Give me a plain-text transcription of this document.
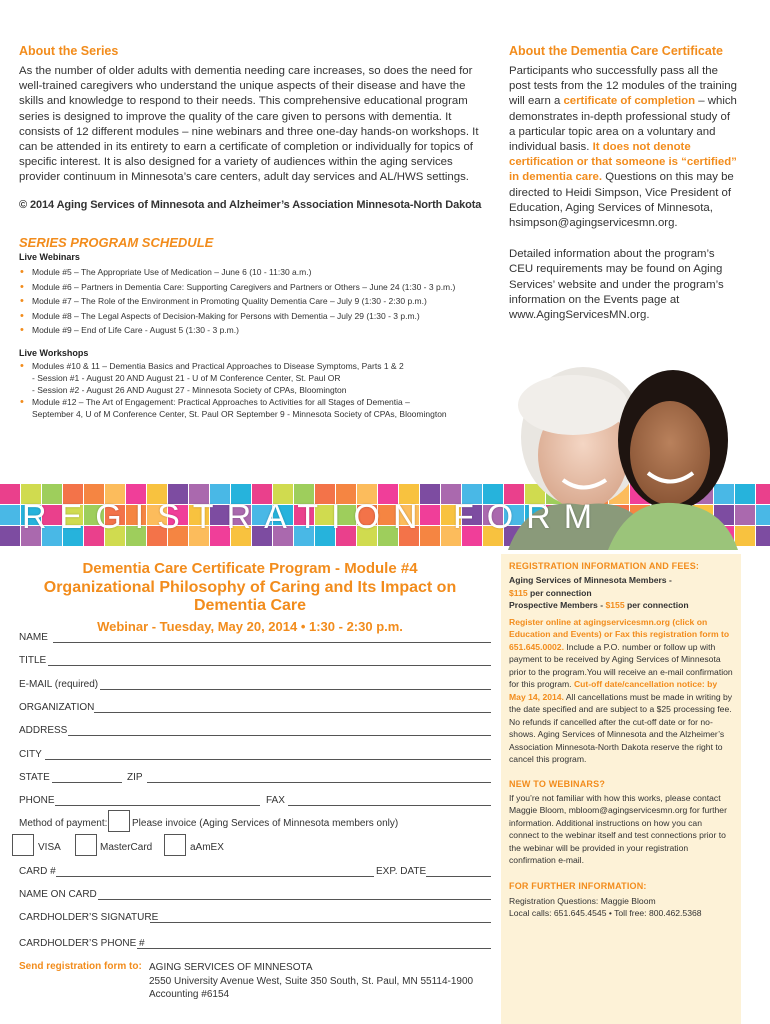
About the Series

As the number of older adults with dementia needing care increases, so does the need for well-trained caregivers who understand the unique aspects of their disease and have the skills and knowledge to respond to their needs. This comprehensive educational program series is designed to improve the quality of the care given to persons with dementia. It consists of 12 different modules – nine webinars and three one-day hands-on workshops. It can be attended in its entirety to earn a certificate of completion or individually for topics of specific interest. It is also designed for a variety of audiences within the aging services provider continuum in Minnesota’s care centers, adult day services and AL/HWS settings.

© 2014 Aging Services of Minnesota and Alzheimer’s Association Minnesota-North Dakota

SERIES PROGRAM SCHEDULE
Live Webinars
• Module #5 – The Appropriate Use of Medication – June 6 (10 - 11:30 a.m.)
• Module #6 – Partners in Dementia Care: Supporting Caregivers and Partners or Others – June 24 (1:30 - 3 p.m.)
• Module #7 – The Role of the Environment in Promoting Quality Dementia Care – July 9 (1:30 - 2:30 p.m.)
• Module #8 – The Legal Aspects of Decision-Making for Persons with Dementia – July 29 (1:30 - 3 p.m.)
• Module #9 – End of Life Care - August 5 (1:30 - 3 p.m.)
Live Workshops
• Modules #10 & 11 – Dementia Basics and Practical Approaches to Disease Symptoms, Parts 1 & 2
- Session #1 - August 20 AND August 21 - U of M Conference Center, St. Paul OR
- Session #2 - August 26 AND August 27 - Minnesota Society of CPAs, Bloomington
• Module #12 – The Art of Engagement: Practical Approaches to Activities for all Stages of Dementia –
September 4, U of M Conference Center, St. Paul OR September 9 - Minnesota Society of CPAs, Bloomington
About the Dementia Care Certificate

Participants who successfully pass all the post tests from the 12 modules of the training will earn a certificate of completion – which demonstrates in-depth professional study of a particular topic area on a voluntary and individual basis. It does not denote certification or that someone is “certified” in dementia care. Questions on this may be directed to Heidi Simpson, Vice President of Education, Aging Services of Minnesota, hsimpson@agingservicesmn.org.

Detailed information about the program’s CEU requirements may be found on Aging Services’ website and under the program’s information on the Events page at www.AgingServicesMN.org.

REGISTRATION FORM
Dementia Care Certificate Program - Module #4
Organizational Philosophy of Caring and Its Impact on Dementia Care
Webinar - Tuesday, May 20, 2014 • 1:30 - 2:30 p.m.
NAME
TITLE
E-MAIL (required)
ORGANIZATION
ADDRESS
CITY
STATE	ZIP
PHONE	FAX
Method of payment: Please invoice (Aging Services of Minnesota members only)
VISA	MasterCard	aAmEX
CARD #	EXP. DATE
NAME ON CARD
CARDHOLDER’S SIGNATURE
CARDHOLDER’S PHONE #
Send registration form to: AGING SERVICES OF MINNESOTA
2550 University Avenue West, Suite 350 South, St. Paul, MN 55114-1900
Accounting #6154
REGISTRATION INFORMATION AND FEES:
Aging Services of Minnesota Members -
$115 per connection
Prospective Members - $155 per connection
Register online at agingservicesmn.org (click on Education and Events) or Fax this registration form to 651.645.0002. Include a P.O. number or follow up with payment to be received by Aging Services of Minnesota prior to the program.You will receive an e-mail confirmation for this program. Cut-off date/cancellation notice: by May 14, 2014. All cancellations must be made in writing by the date specified and are subject to a $25 processing fee. No refunds if cancelled after the cut-off date or for no-shows. Aging Services of Minnesota and the Alzheimer’s Association Minnesota-North Dakota reserve the right to cancel this program.
NEW TO WEBINARS?
If you’re not familiar with how this works, please contact Maggie Bloom, mbloom@agingservicesmn.org for further information. Additional instructions on how you can connect to the webinar itself and test connections prior to the webinar will be provided in your registration confirmation e-mail.
FOR FURTHER INFORMATION:
Registration Questions: Maggie Bloom
Local calls: 651.645.4545 • Toll free: 800.462.5368
